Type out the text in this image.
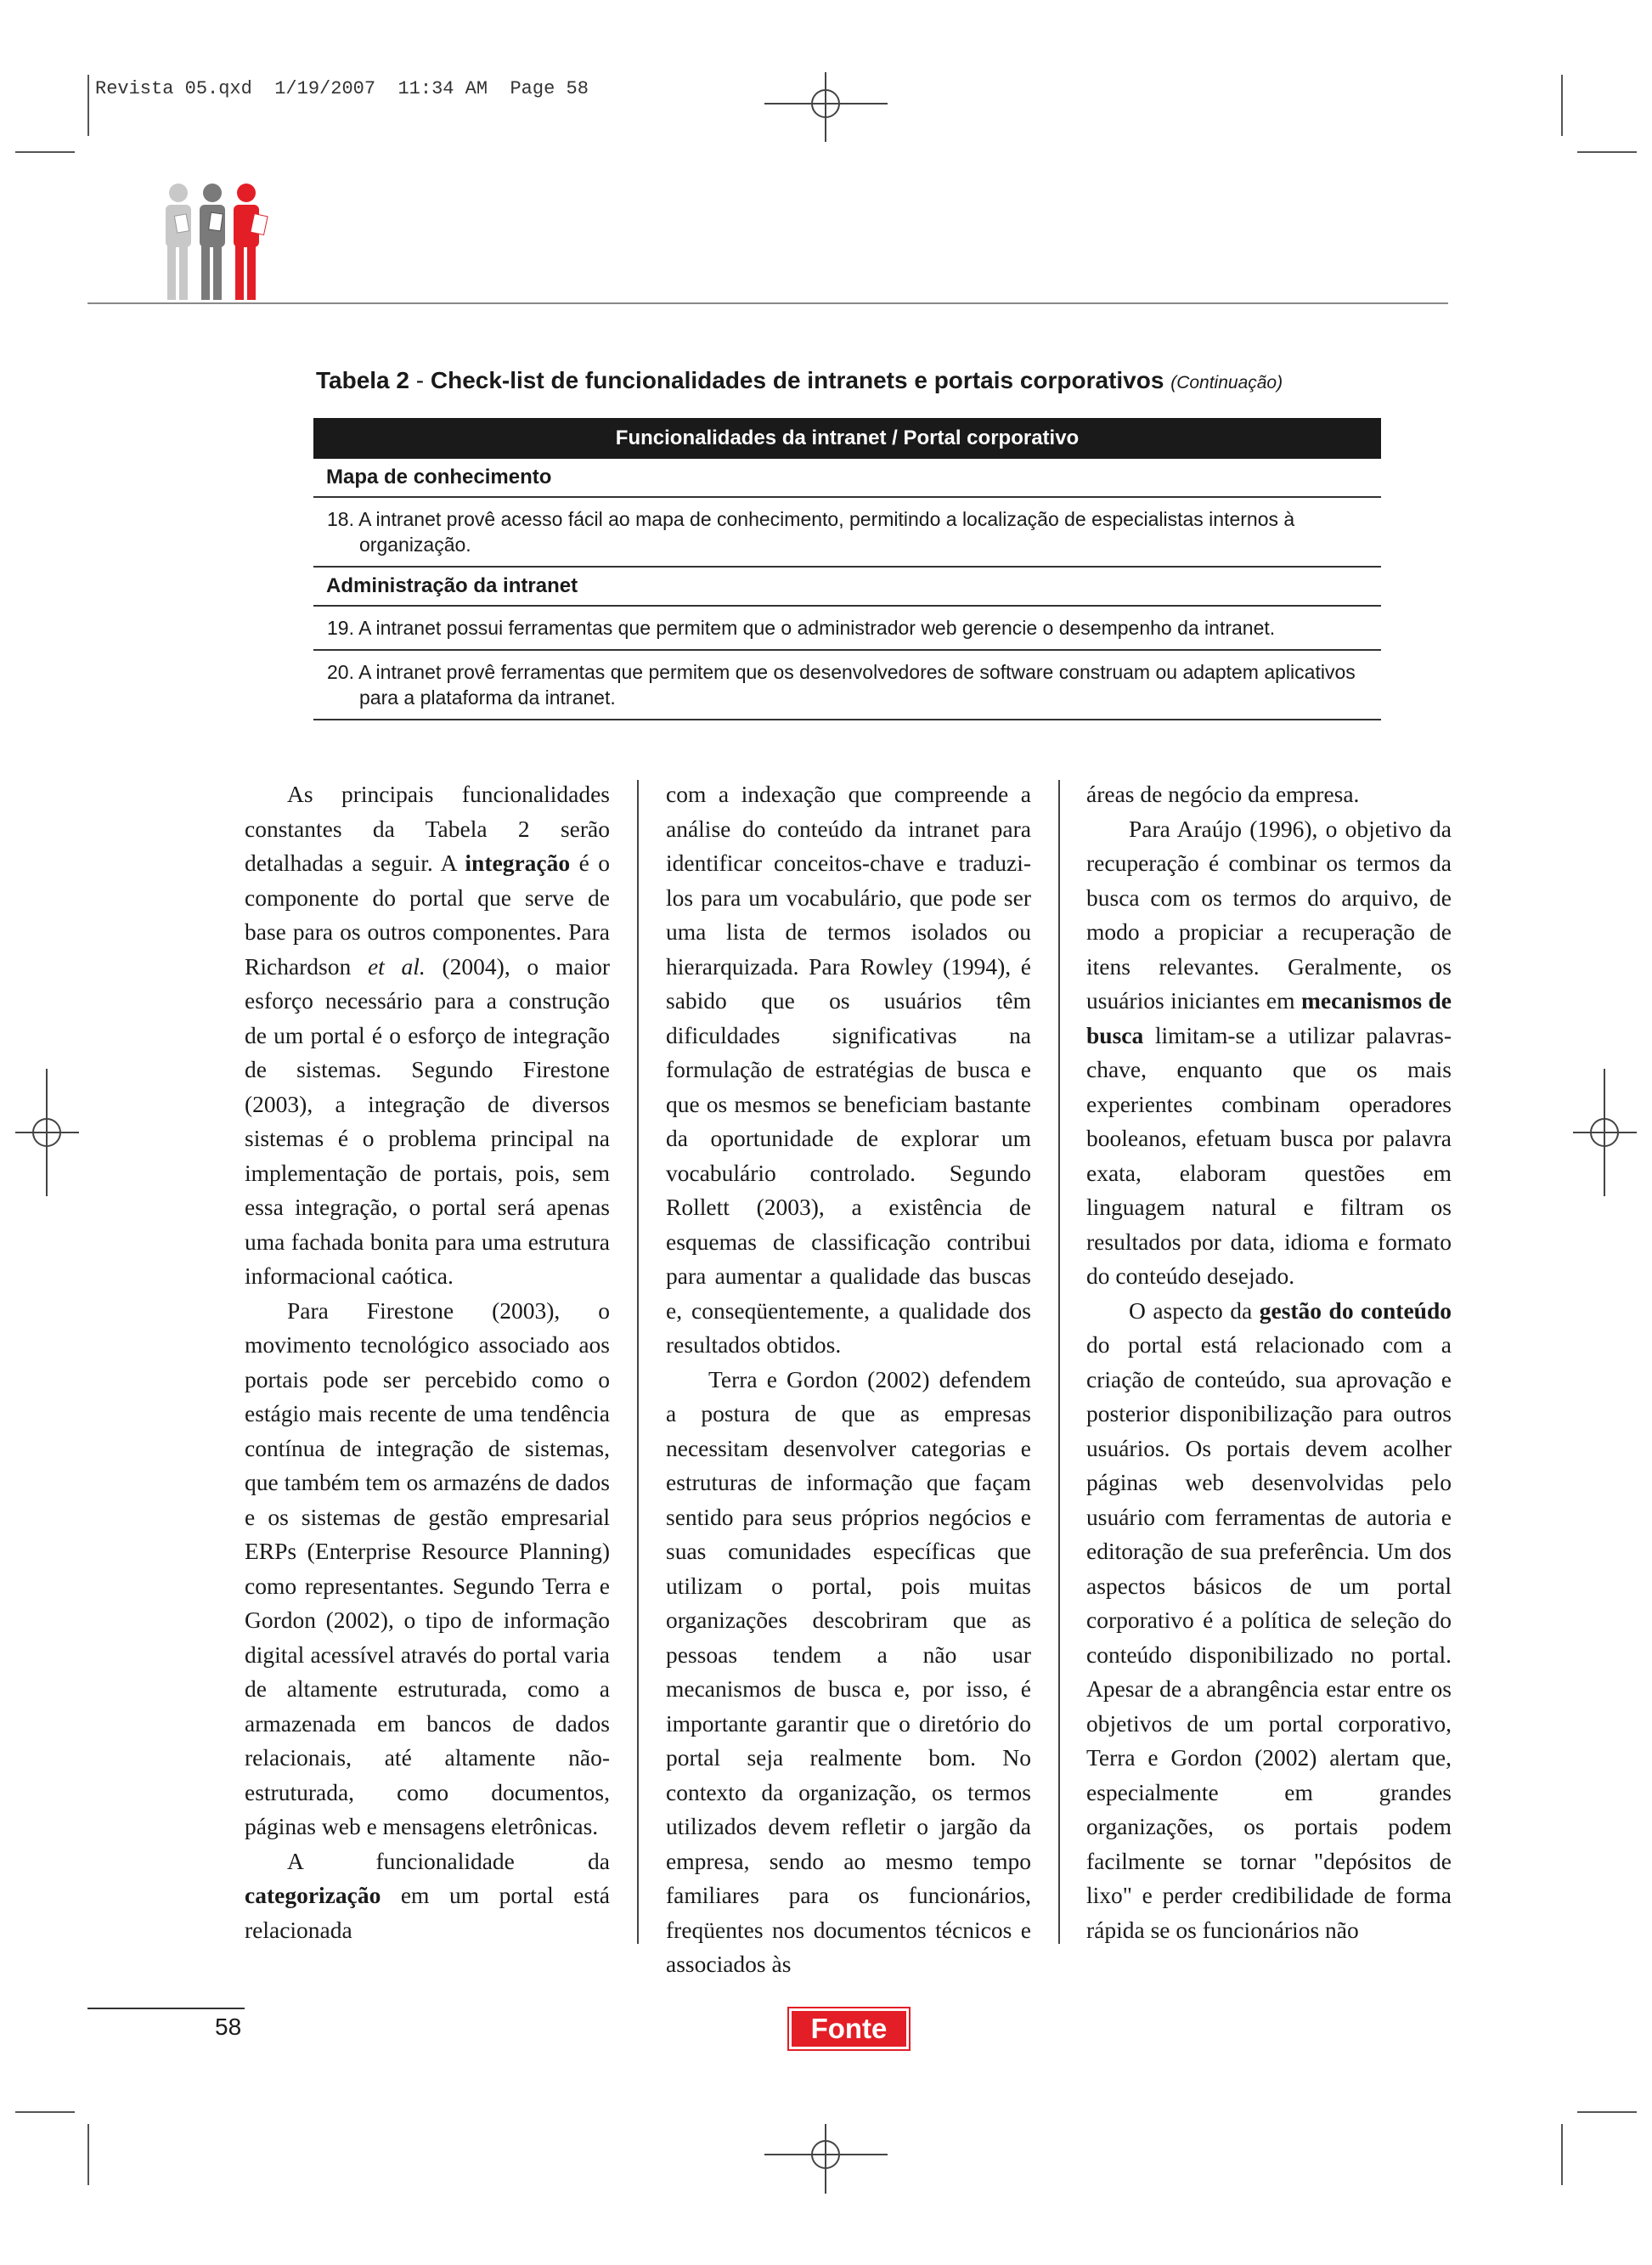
Revista 05.qxd  1/19/2007  11:34 AM  Page 58
Tabela 2 - Check-list de funcionalidades de intranets e portais corporativos (Continuação)
Funcionalidades da intranet / Portal corporativo
Mapa de conhecimento
18. A intranet provê acesso fácil ao mapa de conhecimento, permitindo a localização de especialistas internos à organização.
Administração da intranet
19. A intranet possui ferramentas que permitem que o administrador web gerencie o desempenho da intranet.
20. A intranet provê ferramentas que permitem que os desenvolvedores de software construam ou adaptem aplicativos para a plataforma da intranet.

As principais funcionalidades constantes da Tabela 2 serão detalhadas a seguir. A integração é o componente do portal que serve de base para os outros componentes. Para Richardson et al. (2004), o maior esforço necessário para a construção de um portal é o esforço de integração de sistemas. Segundo Firestone (2003), a integração de diversos sistemas é o problema principal na implementação de portais, pois, sem essa integração, o portal será apenas uma fachada bonita para uma estrutura informacional caótica.

Para Firestone (2003), o movimento tecnológico associado aos portais pode ser percebido como o estágio mais recente de uma tendência contínua de integração de sistemas, que também tem os armazéns de dados e os sistemas de gestão empresarial ERPs (Enterprise Resource Planning) como representantes. Segundo Terra e Gordon (2002), o tipo de informação digital acessível através do portal varia de altamente estruturada, como a armazenada em bancos de dados relacionais, até altamente não-estruturada, como documentos, páginas web e mensagens eletrônicas.

A funcionalidade da categorização em um portal está relacionada

com a indexação que compreende a análise do conteúdo da intranet para identificar conceitos-chave e traduzi-los para um vocabulário, que pode ser uma lista de termos isolados ou hierarquizada. Para Rowley (1994), é sabido que os usuários têm dificuldades significativas na formulação de estratégias de busca e que os mesmos se beneficiam bastante da oportunidade de explorar um vocabulário controlado. Segundo Rollett (2003), a existência de esquemas de classificação contribui para aumentar a qualidade das buscas e, conseqüentemente, a qualidade dos resultados obtidos.

Terra e Gordon (2002) defendem a postura de que as empresas necessitam desenvolver categorias e estruturas de informação que façam sentido para seus próprios negócios e suas comunidades específicas que utilizam o portal, pois muitas organizações descobriram que as pessoas tendem a não usar mecanismos de busca e, por isso, é importante garantir que o diretório do portal seja realmente bom. No contexto da organização, os termos utilizados devem refletir o jargão da empresa, sendo ao mesmo tempo familiares para os funcionários, freqüentes nos documentos técnicos e associados às

áreas de negócio da empresa.

Para Araújo (1996), o objetivo da recuperação é combinar os termos da busca com os termos do arquivo, de modo a propiciar a recuperação de itens relevantes. Geralmente, os usuários iniciantes em mecanismos de busca limitam-se a utilizar palavras-chave, enquanto que os mais experientes combinam operadores booleanos, efetuam busca por palavra exata, elaboram questões em linguagem natural e filtram os resultados por data, idioma e formato do conteúdo desejado.

O aspecto da gestão do conteúdo do portal está relacionado com a criação de conteúdo, sua aprovação e posterior disponibilização para outros usuários. Os portais devem acolher páginas web desenvolvidas pelo usuário com ferramentas de autoria e editoração de sua preferência. Um dos aspectos básicos de um portal corporativo é a política de seleção do conteúdo disponibilizado no portal. Apesar de a abrangência estar entre os objetivos de um portal corporativo, Terra e Gordon (2002) alertam que, especialmente em grandes organizações, os portais podem facilmente se tornar "depósitos de lixo" e perder credibilidade de forma rápida se os funcionários não

58	Fonte
